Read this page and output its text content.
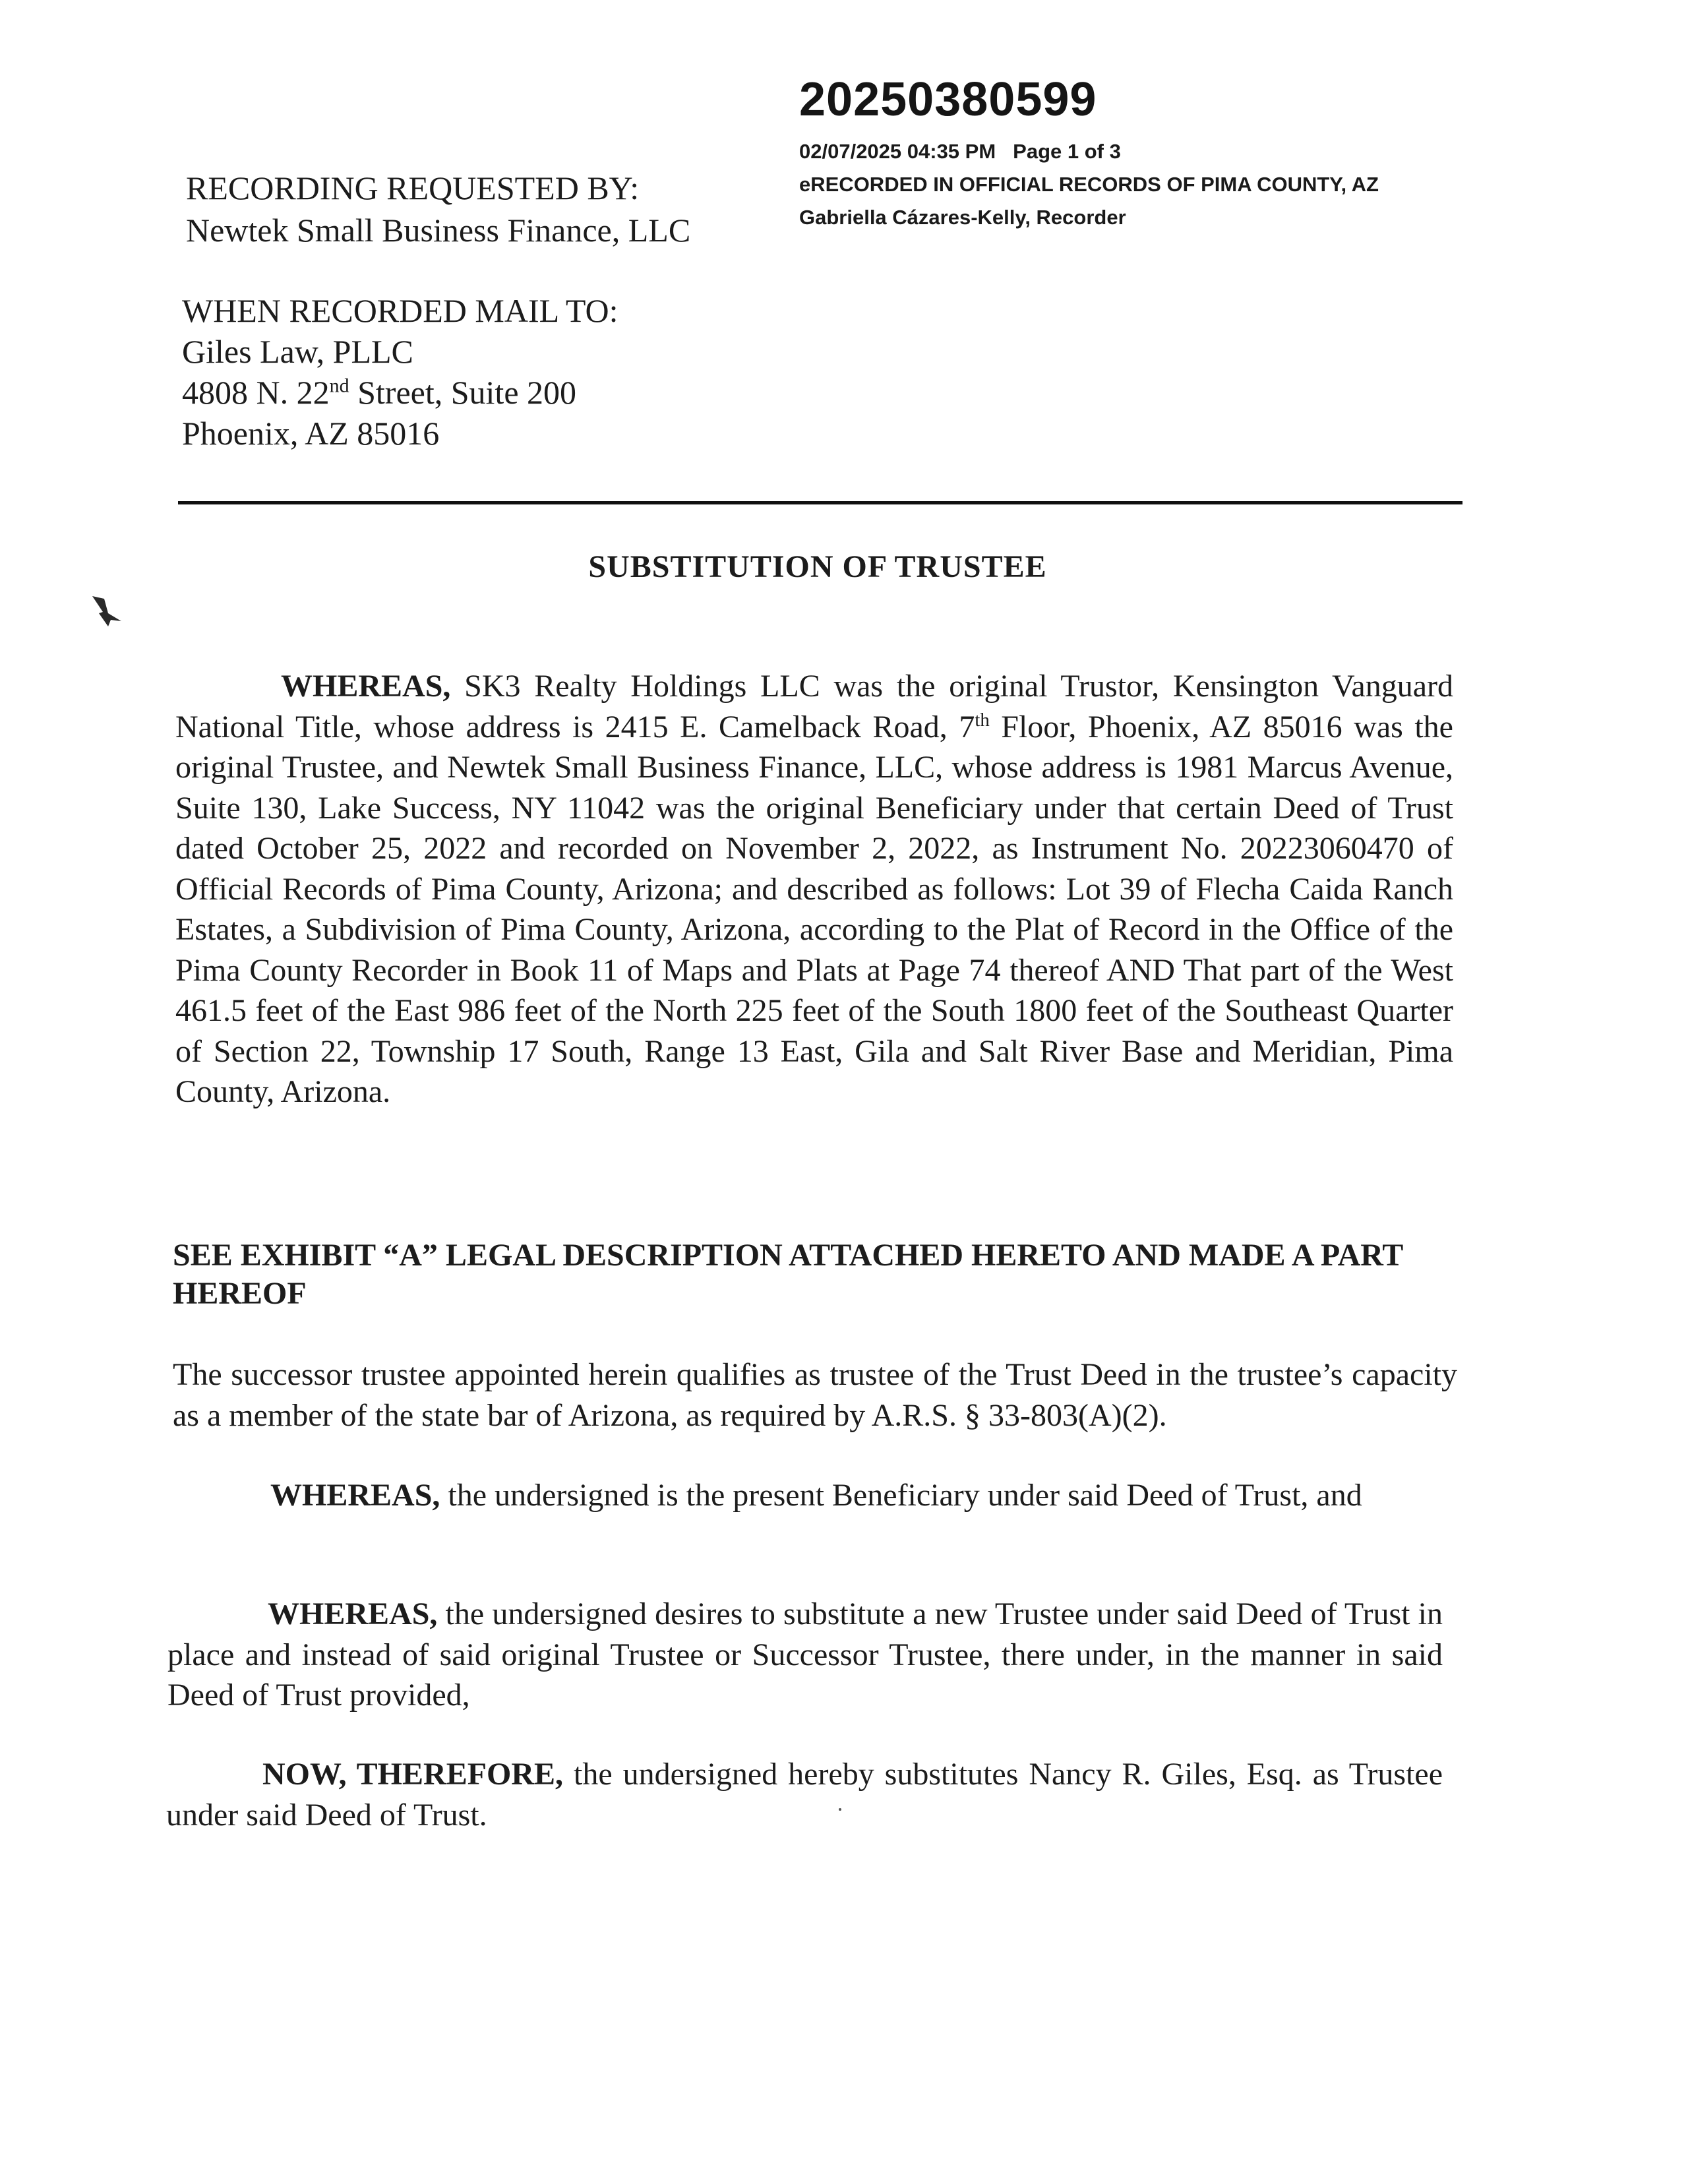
20250380599
02/07/2025 04:35 PM Page 1 of 3
eRECORDED IN OFFICIAL RECORDS OF PIMA COUNTY, AZ
Gabriella Cázares-Kelly, Recorder
RECORDING REQUESTED BY:
Newtek Small Business Finance, LLC
WHEN RECORDED MAIL TO:
Giles Law, PLLC
4808 N. 22nd Street, Suite 200
Phoenix, AZ 85016
SUBSTITUTION OF TRUSTEE
WHEREAS, SK3 Realty Holdings LLC was the original Trustor, Kensington Vanguard National Title, whose address is 2415 E. Camelback Road, 7th Floor, Phoenix, AZ 85016 was the original Trustee, and Newtek Small Business Finance, LLC, whose address is 1981 Marcus Avenue, Suite 130, Lake Success, NY 11042 was the original Beneficiary under that certain Deed of Trust dated October 25, 2022 and recorded on November 2, 2022, as Instrument No. 20223060470 of Official Records of Pima County, Arizona; and described as follows: Lot 39 of Flecha Caida Ranch Estates, a Subdivision of Pima County, Arizona, according to the Plat of Record in the Office of the Pima County Recorder in Book 11 of Maps and Plats at Page 74 thereof AND That part of the West 461.5 feet of the East 986 feet of the North 225 feet of the South 1800 feet of the Southeast Quarter of Section 22, Township 17 South, Range 13 East, Gila and Salt River Base and Meridian, Pima County, Arizona.
SEE EXHIBIT “A” LEGAL DESCRIPTION ATTACHED HERETO AND MADE A PART HEREOF
The successor trustee appointed herein qualifies as trustee of the Trust Deed in the trustee’s capacity as a member of the state bar of Arizona, as required by A.R.S. § 33-803(A)(2).
WHEREAS, the undersigned is the present Beneficiary under said Deed of Trust, and
WHEREAS, the undersigned desires to substitute a new Trustee under said Deed of Trust in place and instead of said original Trustee or Successor Trustee, there under, in the manner in said Deed of Trust provided,
NOW, THEREFORE, the undersigned hereby substitutes Nancy R. Giles, Esq. as Trustee under said Deed of Trust.
